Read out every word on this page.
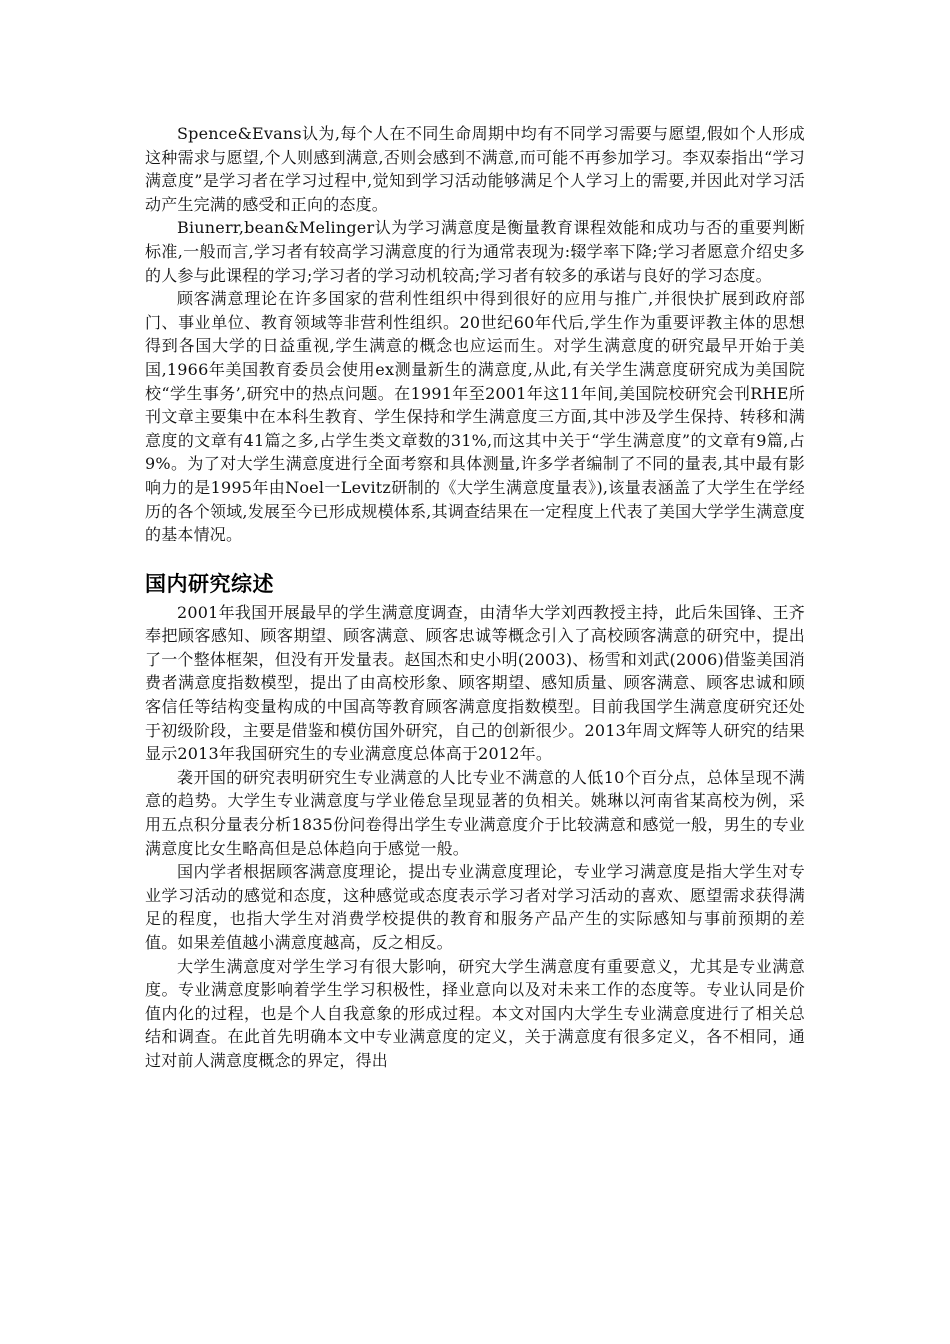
Spence&Evans认为,每个人在不同生命周期中均有不同学习需要与愿望,假如个人形成这种需求与愿望,个人则感到满意,否则会感到不满意,而可能不再参加学习。李双泰指出“学习满意度”是学习者在学习过程中,觉知到学习活动能够满足个人学习上的需要,并因此对学习活动产生完满的感受和正向的态度。

Biunerr,bean&Melinger认为学习满意度是衡量教育课程效能和成功与否的重要判断标准,一般而言,学习者有较高学习满意度的行为通常表现为:辍学率下降;学习者愿意介绍史多的人参与此课程的学习;学习者的学习动机较高;学习者有较多的承诺与良好的学习态度。

顾客满意理论在许多国家的营利性组织中得到很好的应用与推广,并很快扩展到政府部门、事业单位、教育领域等非营利性组织。20世纪60年代后,学生作为重要评教主体的思想得到各国大学的日益重视,学生满意的概念也应运而生。对学生满意度的研究最早开始于美国,1966年美国教育委员会使用ex测量新生的满意度,从此,有关学生满意度研究成为美国院校“学生事务’,研究中的热点问题。在1991年至2001年这11年间,美国院校研究会刊RHE所刊文章主要集中在本科生教育、学生保持和学生满意度三方面,其中涉及学生保持、转移和满意度的文章有41篇之多,占学生类文章数的31%,而这其中关于“学生满意度”的文章有9篇,占9%。为了对大学生满意度进行全面考察和具体测量,许多学者编制了不同的量表,其中最有影响力的是1995年由Noel一Levitz研制的《大学生满意度量表》),该量表涵盖了大学生在学经历的各个领域,发展至今已形成规模体系,其调查结果在一定程度上代表了美国大学学生满意度的基本情况。

国内研究综述

2001年我国开展最早的学生满意度调查，由清华大学刘西教授主持，此后朱国锋、王齐奉把顾客感知、顾客期望、顾客满意、顾客忠诚等概念引入了高校顾客满意的研究中，提出了一个整体框架，但没有开发量表。赵国杰和史小明(2003)、杨雪和刘武(2006)借鉴美国消费者满意度指数模型，提出了由高校形象、顾客期望、感知质量、顾客满意、顾客忠诚和顾客信任等结构变量构成的中国高等教育顾客满意度指数模型。目前我国学生满意度研究还处于初级阶段，主要是借鉴和模仿国外研究，自己的创新很少。2013年周文辉等人研究的结果显示2013年我国研究生的专业满意度总体高于2012年。

袭开国的研究表明研究生专业满意的人比专业不满意的人低10个百分点，总体呈现不满意的趋势。大学生专业满意度与学业倦怠呈现显著的负相关。姚琳以河南省某高校为例，采用五点积分量表分析1835份问卷得出学生专业满意度介于比较满意和感觉一般，男生的专业满意度比女生略高但是总体趋向于感觉一般。

国内学者根据顾客满意度理论，提出专业满意度理论，专业学习满意度是指大学生对专业学习活动的感觉和态度，这种感觉或态度表示学习者对学习活动的喜欢、愿望需求获得满足的程度，也指大学生对消费学校提供的教育和服务产品产生的实际感知与事前预期的差值。如果差值越小满意度越高，反之相反。

大学生满意度对学生学习有很大影响，研究大学生满意度有重要意义，尤其是专业满意度。专业满意度影响着学生学习积极性，择业意向以及对未来工作的态度等。专业认同是价值内化的过程，也是个人自我意象的形成过程。本文对国内大学生专业满意度进行了相关总结和调查。在此首先明确本文中专业满意度的定义，关于满意度有很多定义，各不相同，通过对前人满意度概念的界定，得出
